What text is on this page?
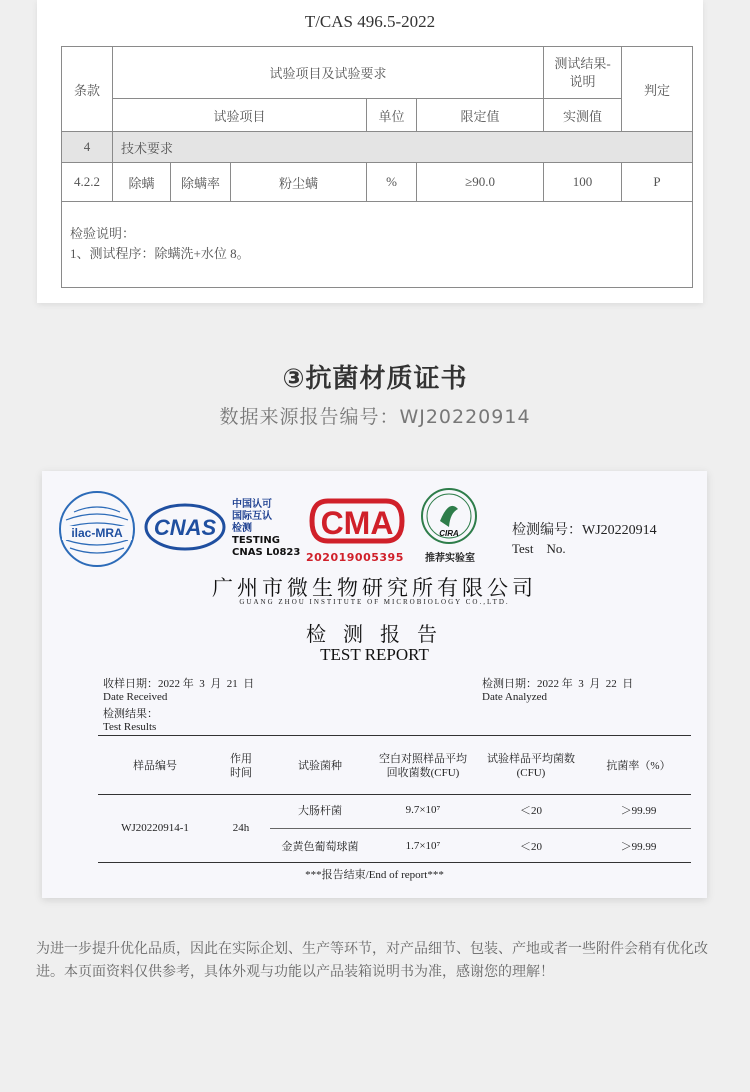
T/CAS 496.5-2022
条款	试验项目及试验要求					测试结果-说明	判定
	试验项目			单位	限定值	实测值	
4	技术要求						
4.2.2	除螨	除螨率	粉尘螨	%	≥90.0	100	P

检验说明：
1、测试程序：除螨洗+水位 8。							
③抗菌材质证书
数据来源报告编号：WJ20220914
ilac-MRA CNAS
中国认可
国际互认
检测
TESTING
CNAS L0823
CMA
202019005395
CIRA
推荐实验室
检测编号：WJ20220914
Test    No.
广州市微生物研究所有限公司
GUANG ZHOU INSTITUTE OF MICROBIOLOGY CO.,LTD.
检 测 报 告
TEST REPORT
收样日期：2022 年  3  月  21  日
Date Received
检测日期：2022 年  3  月  22  日
Date Analyzed
检测结果：
Test Results
样品编号	作用时间	试验菌种	空白对照样品平均回收菌数(CFU)	试验样品平均菌数(CFU)	抗菌率（%）
WJ20220914-1	24h	大肠杆菌	9.7×10⁷	＜20	＞99.99
		金黄色葡萄球菌	1.7×10⁷	＜20	＞99.99
***报告结束/End of report***
为进一步提升优化品质，因此在实际企划、生产等环节，对产品细节、包装、产地或者一些附件会稍有优化改进。本页面资料仅供参考，具体外观与功能以产品装箱说明书为准，感谢您的理解！
